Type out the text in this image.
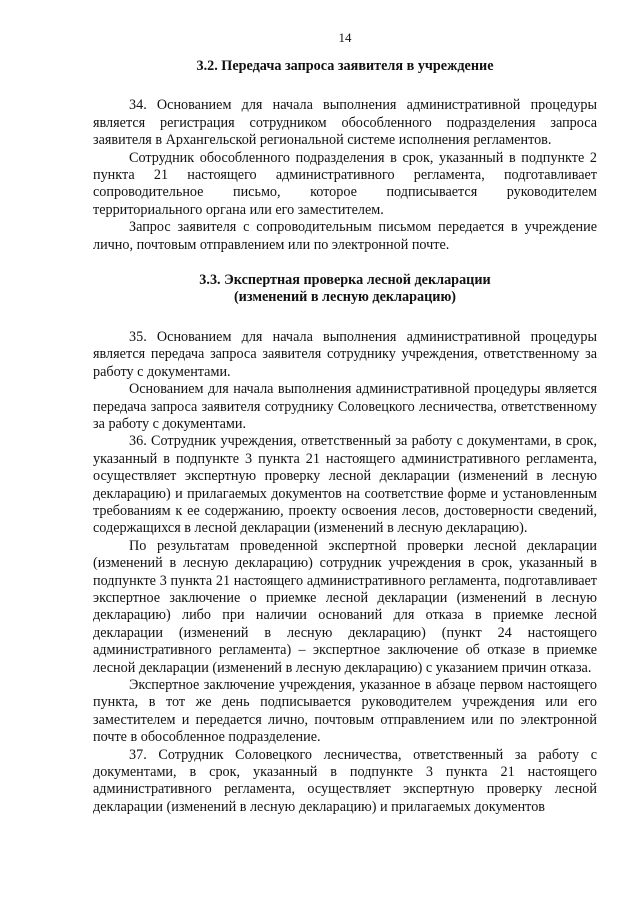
14
3.2. Передача запроса заявителя в учреждение

34. Основанием для начала выполнения административной процедуры является регистрация сотрудником обособленного подразделения запроса заявителя в Архангельской региональной системе исполнения регламентов.

Сотрудник обособленного подразделения в срок, указанный в подпункте 2 пункта 21 настоящего административного регламента, подготавливает сопроводительное письмо, которое подписывается руководителем территориального органа или его заместителем.

Запрос заявителя с сопроводительным письмом передается в учреждение лично, почтовым отправлением или по электронной почте.

3.3. Экспертная проверка лесной декларации
(изменений в лесную декларацию)

35. Основанием для начала выполнения административной процедуры является передача запроса заявителя сотруднику учреждения, ответственному за работу с документами.

Основанием для начала выполнения административной процедуры является передача запроса заявителя сотруднику Соловецкого лесничества, ответственному за работу с документами.

36. Сотрудник учреждения, ответственный за работу с документами, в срок, указанный в подпункте 3 пункта 21 настоящего административного регламента, осуществляет экспертную проверку лесной декларации (изменений в лесную декларацию) и прилагаемых документов на соответствие форме и установленным требованиям к ее содержанию, проекту освоения лесов, достоверности сведений, содержащихся в лесной декларации (изменений в лесную декларацию).

По результатам проведенной экспертной проверки лесной декларации (изменений в лесную декларацию) сотрудник учреждения в срок, указанный в подпункте 3 пункта 21 настоящего административного регламента, подготавливает экспертное заключение о приемке лесной декларации (изменений в лесную декларацию) либо при наличии оснований для отказа в приемке лесной декларации (изменений в лесную декларацию) (пункт 24 настоящего административного регламента) – экспертное заключение об отказе в приемке лесной декларации (изменений в лесную декларацию) с указанием причин отказа.

Экспертное заключение учреждения, указанное в абзаце первом настоящего пункта, в тот же день подписывается руководителем учреждения или его заместителем и передается лично, почтовым отправлением или по электронной почте в обособленное подразделение.

37. Сотрудник Соловецкого лесничества, ответственный за работу с документами, в срок, указанный в подпункте 3 пункта 21 настоящего административного регламента, осуществляет экспертную проверку лесной декларации (изменений в лесную декларацию) и прилагаемых документов
